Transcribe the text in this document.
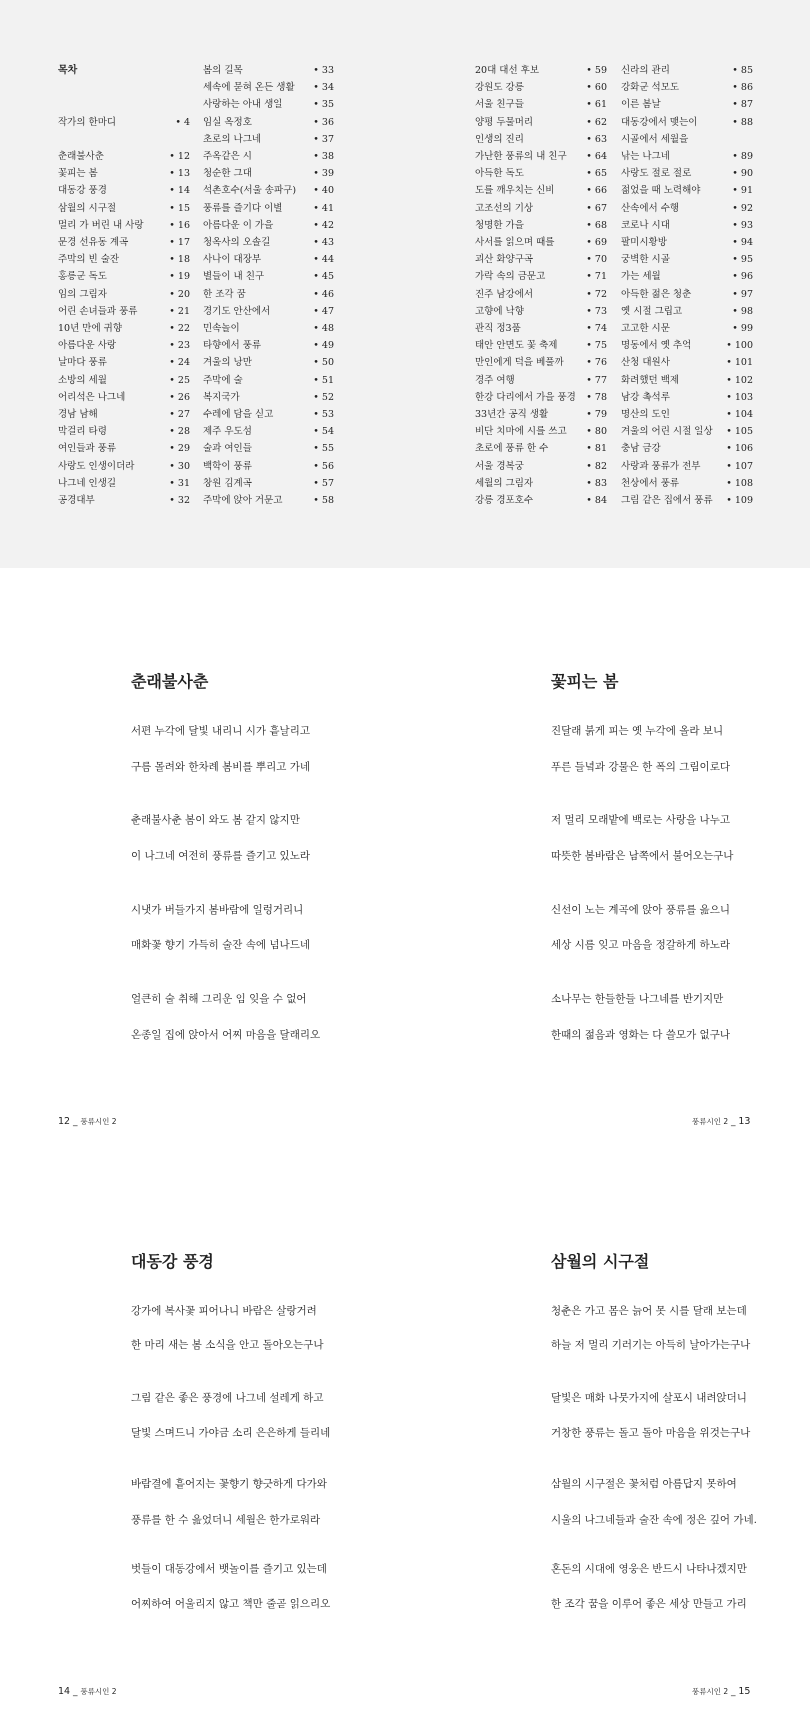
목차
작가의 한마디	• 4
춘래불사춘	• 12
꽃피는 봄	• 13
대동강 풍경	• 14
삼월의 시구절	• 15
멀리 가 버린 내 사랑	• 16
문경 선유동 계곡	• 17
주막의 빈 술잔	• 18
홍릉군 독도	• 19
임의 그림자	• 20
어린 손녀들과 풍류	• 21
10년 만에 귀향	• 22
아름다운 사랑	• 23
날마다 풍류	• 24
소방의 세월	• 25
어리석은 나그네	• 26
경남 남해	• 27
막걸리 타령	• 28
여인들과 풍류	• 29
사랑도 인생이더라	• 30
나그네 인생길	• 31
공경대부	• 32
봄의 길목	• 33
세속에 묻혀 온든 생활 • 34
사랑하는 아내 생일	• 35
임실 옥정호	• 36
초로의 나그네	• 37
주옥같은 시	• 38
청순한 그대	• 39
석촌호수(서울 송파구) • 40
풍류를 즐기다 이별	• 41
아름다운 이 가을	• 42
청옥사의 오솔길	• 43
사나이 대장부	• 44
별들이 내 친구	• 45
한 조각 꿈	• 46
경기도 안산에서	• 47
민속놀이	• 48
타향에서 풍류	• 49
겨울의 낭만	• 50
주막에 술	• 51
복지국가	• 52
수레에 담을 싣고	• 53
제주 우도섬	• 54
술과 여인들	• 55
백학이 풍류	• 56
창원 김계곡	• 57
주막에 앉아 거문고	• 58
20대 대선 후보	• 59
강원도 강릉	• 60
서울 친구들	• 61
양평 두물머리	• 62
인생의 진리	• 63
가난한 풍류의 내 친구 • 64
아득한 독도	• 65
도를 깨우치는 신비	• 66
고조선의 기상	• 67
청명한 가을	• 68
사서를 읽으며 때를	• 69
괴산 화양구곡	• 70
가락 속의 금문고	• 71
진주 남강에서	• 72
고향에 낙향	• 73
관직 정3품	• 74
태안 안면도 꽃 축제	• 75
만인에게 덕을 베풀까 • 76
경주 여행	• 77
한강 다리에서 가을 풍경 • 78
33년간 공직 생활	• 79
비단 치마에 시를 쓰고 • 80
초로에 풍류 한 수	• 81
서울 경복궁	• 82
세월의 그림자	• 83
강릉 경포호수	• 84
신라의 관리	• 85
강화군 석모도	• 86
이른 봄날	• 87
대동강에서 맺는이	• 88
시골에서 세월을
낚는 나그네	• 89
사랑도 절로 절로	• 90
젊었을 때 노력해야	• 91
산속에서 수행	• 92
코로나 시대	• 93
팔미시황방	• 94
궁벽한 시골	• 95
가는 세월	• 96
아득한 젊은 청춘	• 97
옛 시절 그립고	• 98
고고한 시문	• 99
명동에서 옛 추억	• 100
산청 대원사	• 101
화려했던 백제	• 102
남강 촉석루	• 103
명산의 도인	• 104
겨울의 어린 시절 일상 • 105
충남 금강	• 106
사랑과 풍류가 전부	• 107
천상에서 풍류	• 108
그림 같은 집에서 풍류 • 109
춘래불사춘
서편 누각에 달빛 내리니 시가 흩날리고
구름 몰려와 한차례 봄비를 뿌리고 가네
춘래불사춘 봄이 와도 봄 같지 않지만
이 나그네 여전히 풍류를 즐기고 있노라
시냇가 버들가지 봄바람에 일렁거리니
매화꽃 향기 가득히 술잔 속에 넘나드네
얼큰히 술 취해 그리운 임 잊을 수 없어
온종일 집에 앉아서 어찌 마음을 달래리오
12 _ 풍류시인 2
꽃피는 봄
진달래 붉게 피는 옛 누각에 올라 보니
푸른 들녘과 강물은 한 폭의 그림이로다
저 멀리 모래밭에 백로는 사랑을 나누고
따뜻한 봄바람은 남쪽에서 불어오는구나
신선이 노는 계곡에 앉아 풍류를 읊으니
세상 시름 잊고 마음을 정갈하게 하노라
소나무는 한들한들 나그네를 반기지만
한때의 젊음과 영화는 다 쓸모가 없구나
풍류시인 2 _ 13
대동강 풍경
강가에 복사꽃 피어나니 바람은 살랑거려
한 마리 새는 봄 소식을 안고 돌아오는구나
그림 같은 좋은 풍경에 나그네 설레게 하고
달빛 스며드니 가야금 소리 은은하게 들리네
바람결에 흩어지는 꽃향기 향긋하게 다가와
풍류를 한 수 읊었더니 세월은 한가로워라
벗들이 대동강에서 뱃놀이를 즐기고 있는데
어찌하여 어울리지 않고 책만 줄곧 읽으리오
14 _ 풍류시인 2
삼월의 시구절
청춘은 가고 몸은 늙어 못 시를 달래 보는데
하늘 저 멀리 기러기는 아득히 날아가는구나
달빛은 매화 나뭇가지에 살포시 내려앉더니
거창한 풍류는 돌고 돌아 마음을 위것는구나
삼월의 시구절은 꽃처럼 아름답지 못하여
시울의 나그네들과 술잔 속에 정은 깊어 가네.
혼돈의 시대에 영웅은 반드시 나타나겠지만
한 조각 꿈을 이루어 좋은 세상 만들고 가리
풍류시인 2 _ 15
